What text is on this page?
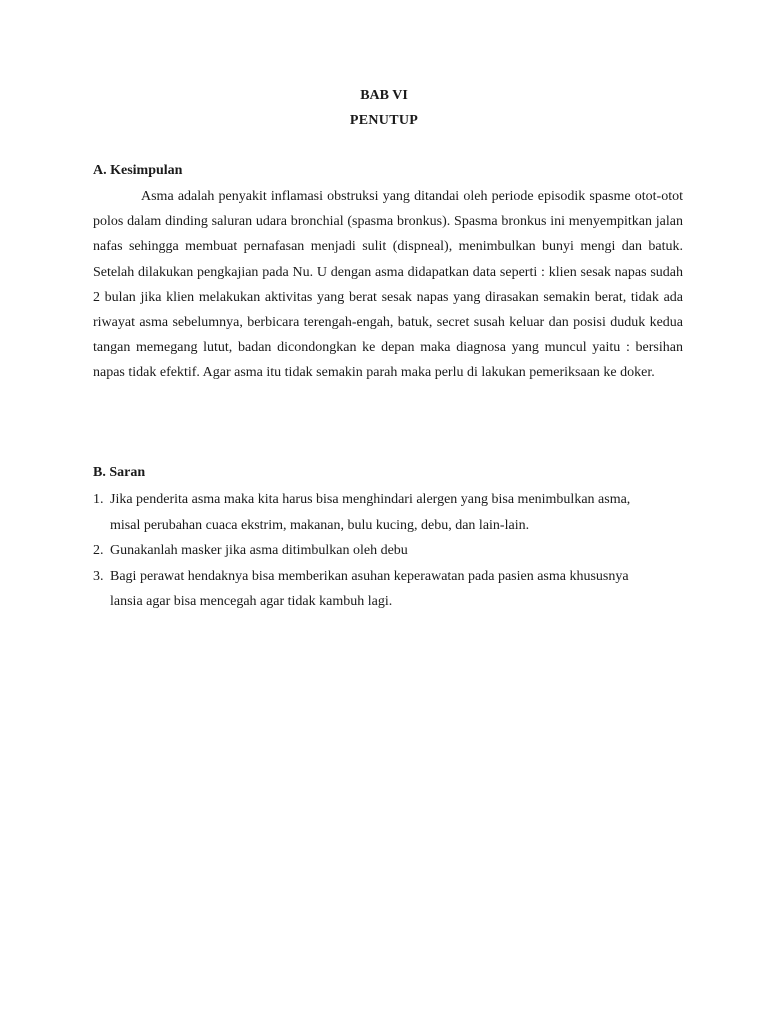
BAB VI
PENUTUP
A. Kesimpulan

Asma adalah penyakit inflamasi obstruksi yang ditandai oleh periode episodik spasme otot-otot polos dalam dinding saluran udara bronchial (spasma bronkus). Spasma bronkus ini menyempitkan jalan nafas sehingga membuat pernafasan menjadi sulit (dispneal), menimbulkan bunyi mengi dan batuk. Setelah dilakukan pengkajian pada Nu. U dengan asma didapatkan data seperti : klien sesak napas sudah 2 bulan jika klien melakukan aktivitas yang berat sesak napas yang dirasakan semakin berat, tidak ada riwayat asma sebelumnya, berbicara terengah-engah, batuk, secret susah keluar dan posisi duduk kedua tangan memegang lutut, badan dicondongkan ke depan maka diagnosa yang muncul yaitu : bersihan napas tidak efektif. Agar asma itu tidak semakin parah maka perlu di lakukan pemeriksaan ke doker.

B. Saran
1. Jika penderita asma maka kita harus bisa menghindari alergen yang bisa menimbulkan asma, misal perubahan cuaca ekstrim, makanan, bulu kucing, debu, dan lain-lain.
2. Gunakanlah masker jika asma ditimbulkan oleh debu
3. Bagi perawat hendaknya bisa memberikan asuhan keperawatan pada pasien asma khususnya lansia agar bisa mencegah agar tidak kambuh lagi.
